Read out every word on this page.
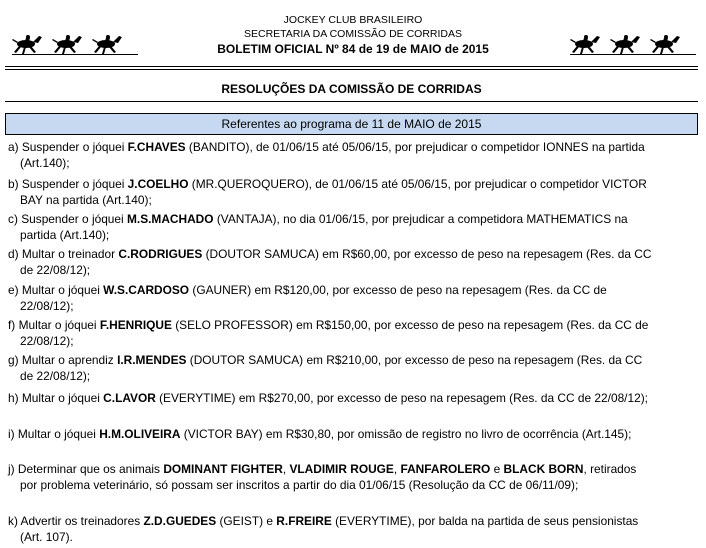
JOCKEY CLUB BRASILEIRO
SECRETARIA DA COMISSÃO DE CORRIDAS
BOLETIM OFICIAL Nº 84 de 19 de MAIO de 2015
RESOLUÇÕES DA COMISSÃO DE CORRIDAS
Referentes ao programa de 11 de MAIO de 2015
a) Suspender o jóquei F.CHAVES (BANDITO), de 01/06/15 até 05/06/15, por prejudicar o competidor IONNES na partida
(Art.140);
b) Suspender o jóquei J.COELHO (MR.QUEROQUERO), de 01/06/15 até 05/06/15, por prejudicar o competidor VICTOR
BAY na partida (Art.140);
c) Suspender o jóquei M.S.MACHADO (VANTAJA), no dia 01/06/15, por prejudicar a competidora MATHEMATICS na
partida (Art.140);
d) Multar o treinador C.RODRIGUES (DOUTOR SAMUCA) em R$60,00, por excesso de peso na repesagem (Res. da CC
de 22/08/12);
e) Multar o jóquei W.S.CARDOSO (GAUNER) em R$120,00, por excesso de peso na repesagem (Res. da CC de
22/08/12);
f) Multar o jóquei F.HENRIQUE (SELO PROFESSOR) em R$150,00, por excesso de peso na repesagem (Res. da CC de
22/08/12);
g) Multar o aprendiz I.R.MENDES (DOUTOR SAMUCA) em R$210,00, por excesso de peso na repesagem (Res. da CC
de 22/08/12);
h) Multar o jóquei C.LAVOR (EVERYTIME) em R$270,00, por excesso de peso na repesagem (Res. da CC de 22/08/12);
i) Multar o jóquei H.M.OLIVEIRA (VICTOR BAY) em R$30,80, por omissão de registro no livro de ocorrência (Art.145);
j) Determinar que os animais DOMINANT FIGHTER, VLADIMIR ROUGE, FANFAROLERO e BLACK BORN, retirados
por problema veterinário, só possam ser inscritos a partir do dia 01/06/15 (Resolução da CC de 06/11/09);
k) Advertir os treinadores Z.D.GUEDES (GEIST) e R.FREIRE (EVERYTIME), por balda na partida de seus pensionistas
(Art. 107).
